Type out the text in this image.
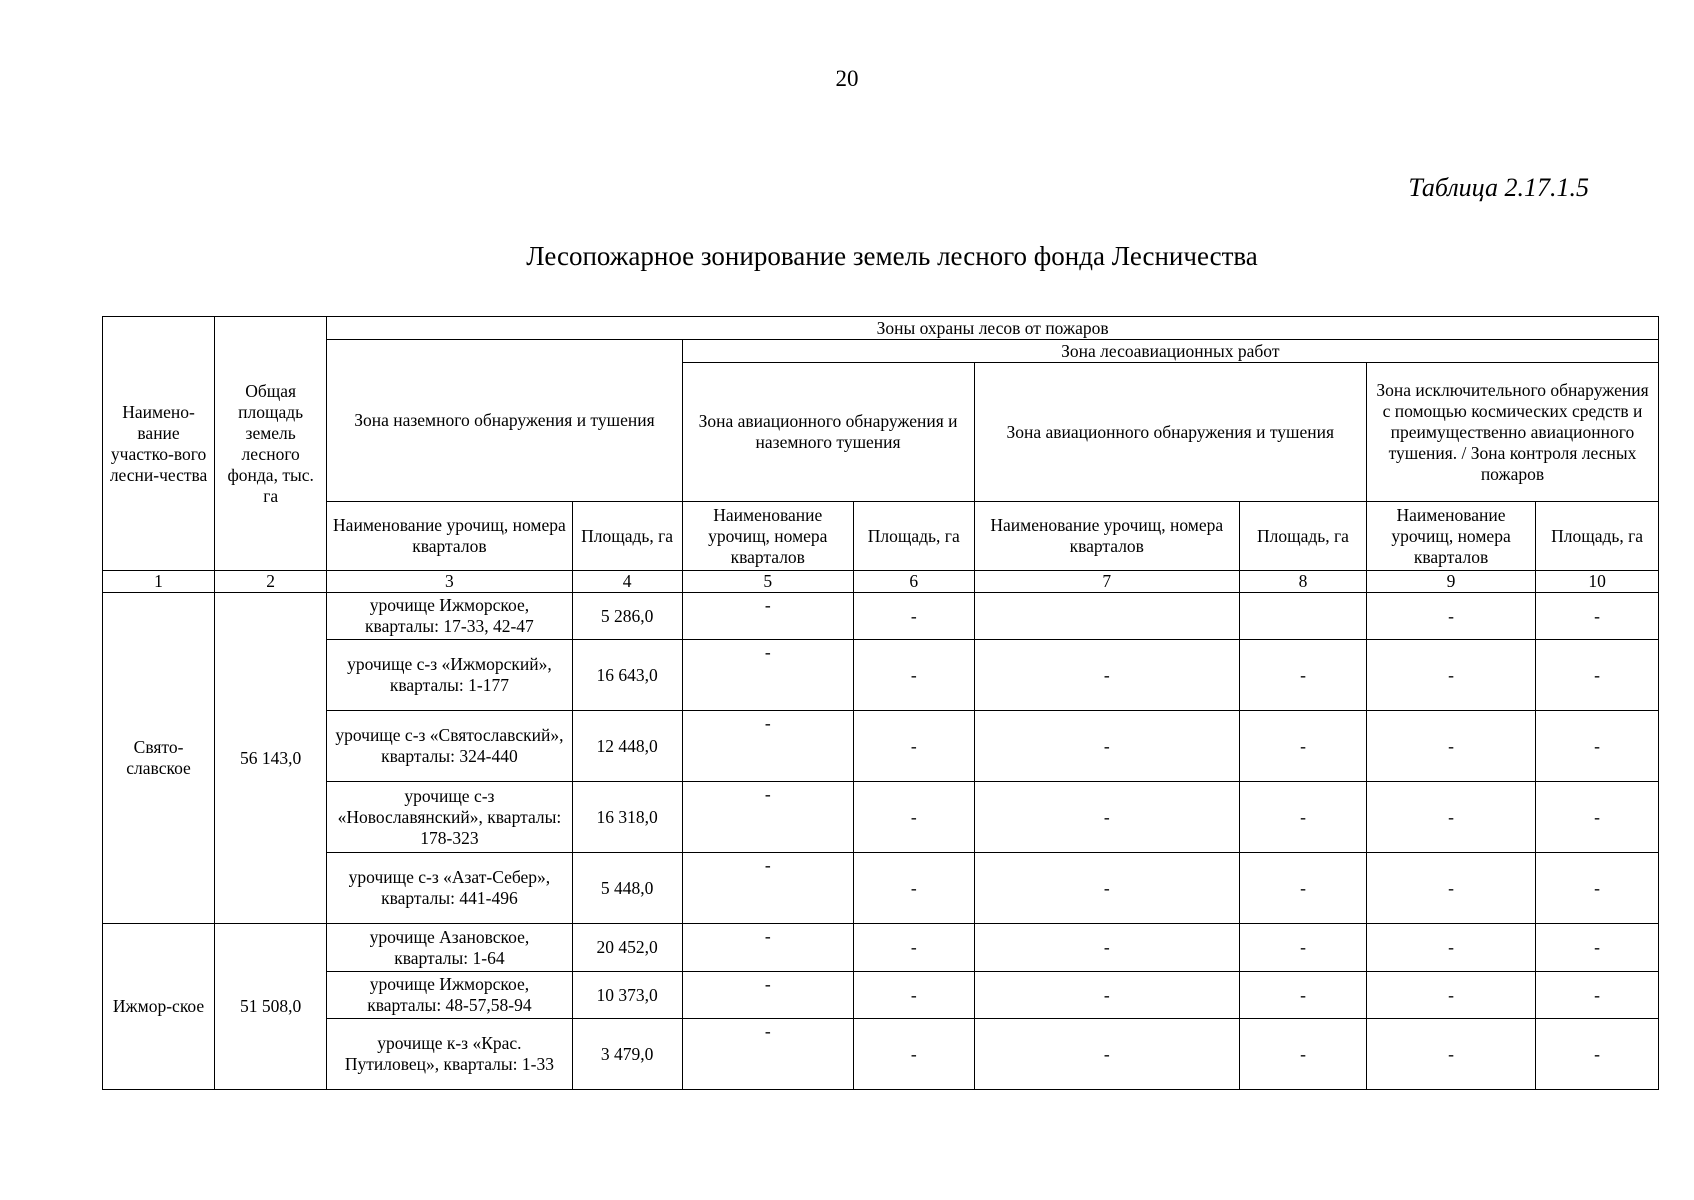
20
Таблица 2.17.1.5
Лесопожарное зонирование земель лесного фонда Лесничества
Наимено-вание участко-вого лесни-чества	Общая площадь земель лесного фонда, тыс. га	Зоны охраны лесов от пожаров							
		Зона наземного обнаружения и тушения		Зона лесоавиационных работ					
				Зона авиационного обнаружения и наземного тушения		Зона авиационного обнаружения и тушения		Зона исключительного обнаружения с помощью космических средств и преимущественно авиационного тушения. / Зона контроля лесных пожаров	
		Наименование урочищ, номера кварталов	Площадь, га	Наименование урочищ, номера кварталов	Площадь, га	Наименование урочищ, номера кварталов	Площадь, га	Наименование урочищ, номера кварталов	Площадь, га
1	2	3	4	5	6	7	8	9	10
Свято-славское	56 143,0	урочище Ижморское, кварталы: 17-33, 42-47	5 286,0	-	-			-	-
		урочище с-з «Ижморский», кварталы: 1-177	16 643,0	-	-	-	-	-	-
		урочище с-з «Святославский», кварталы: 324-440	12 448,0	-	-	-	-	-	-
		урочище с-з «Новославянский», кварталы: 178-323	16 318,0	-	-	-	-	-	-
		урочище с-з «Азат-Себер», кварталы: 441-496	5 448,0	-	-	-	-	-	-
Ижмор-ское	51 508,0	урочище Азановское, кварталы: 1-64	20 452,0	-	-	-	-	-	-
		урочище Ижморское, кварталы: 48-57,58-94	10 373,0	-	-	-	-	-	-
		урочище к-з «Крас. Путиловец», кварталы: 1-33	3 479,0	-	-	-	-	-	-
